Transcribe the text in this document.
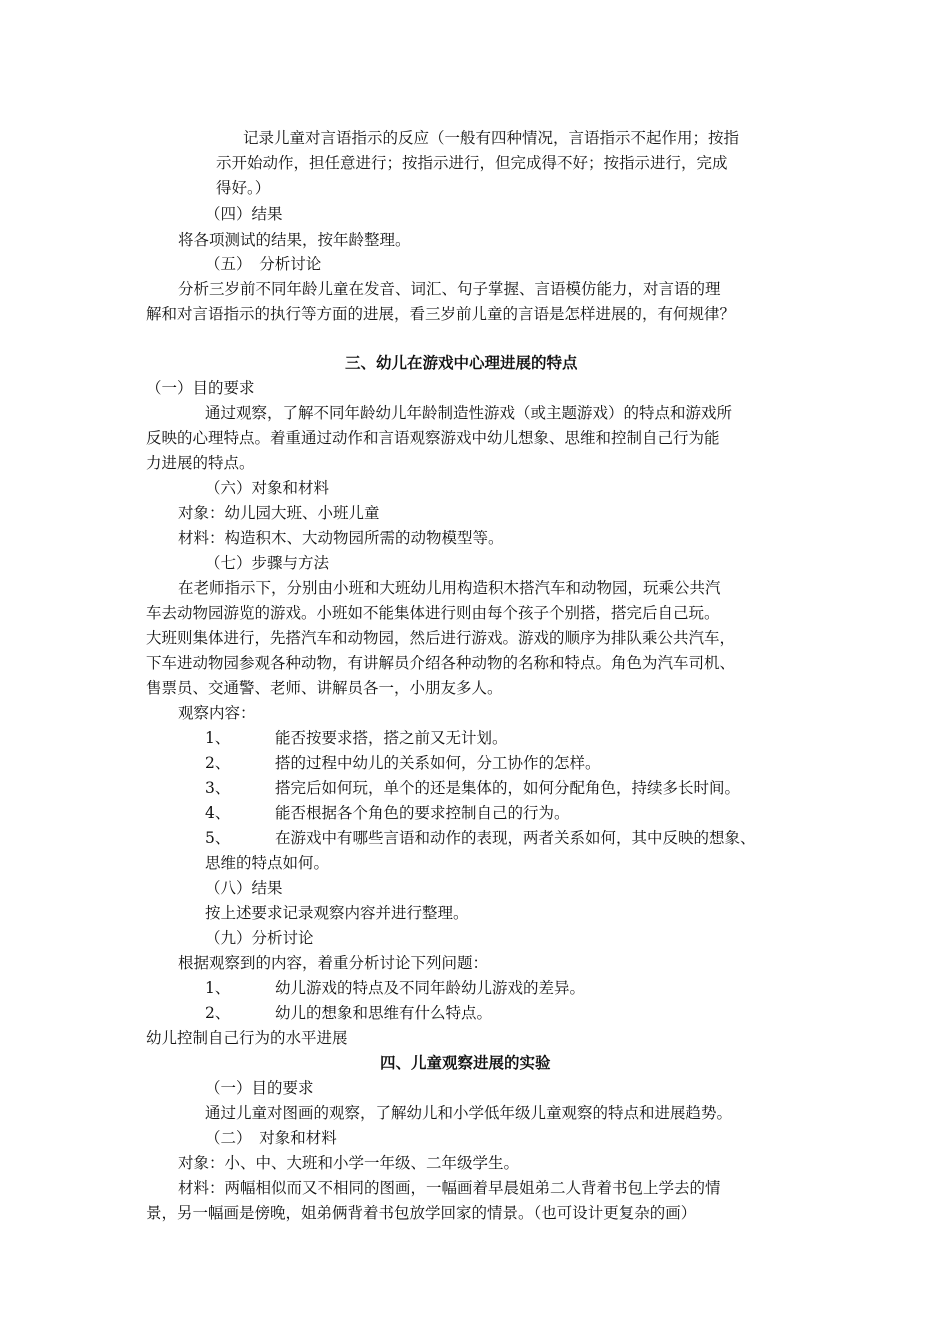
记录儿童对言语指示的反应（一般有四种情况，言语指示不起作用；按指
示开始动作，担任意进行；按指示进行，但完成得不好；按指示进行，完成
得好。）
（四）结果
将各项测试的结果，按年龄整理。
（五）　分析讨论
分析三岁前不同年龄儿童在发音、词汇、句子掌握、言语模仿能力，对言语的理
解和对言语指示的执行等方面的进展，看三岁前儿童的言语是怎样进展的，有何规律？
三、幼儿在游戏中心理进展的特点
（一）目的要求
通过观察，了解不同年龄幼儿年龄制造性游戏（或主题游戏）的特点和游戏所
反映的心理特点。着重通过动作和言语观察游戏中幼儿想象、思维和控制自己行为能
力进展的特点。
（六）对象和材料
对象：幼儿园大班、小班儿童
材料：构造积木、大动物园所需的动物模型等。
（七）步骤与方法
在老师指示下，分别由小班和大班幼儿用构造积木搭汽车和动物园，玩乘公共汽
车去动物园游览的游戏。小班如不能集体进行则由每个孩子个别搭，搭完后自己玩。
大班则集体进行，先搭汽车和动物园，然后进行游戏。游戏的顺序为排队乘公共汽车，
下车进动物园参观各种动物，有讲解员介绍各种动物的名称和特点。角色为汽车司机、
售票员、交通警、老师、讲解员各一，小朋友多人。
观察内容：
1、	能否按要求搭，搭之前又无计划。
2、	搭的过程中幼儿的关系如何，分工协作的怎样。
3、	搭完后如何玩，单个的还是集体的，如何分配角色，持续多长时间。
4、	能否根据各个角色的要求控制自己的行为。
5、	在游戏中有哪些言语和动作的表现，两者关系如何，其中反映的想象、
思维的特点如何。
（八）结果
按上述要求记录观察内容并进行整理。
（九）分析讨论
根据观察到的内容，着重分析讨论下列问题：
1、	幼儿游戏的特点及不同年龄幼儿游戏的差异。
2、	幼儿的想象和思维有什么特点。
幼儿控制自己行为的水平进展
四、儿童观察进展的实验
（一）目的要求
通过儿童对图画的观察，了解幼儿和小学低年级儿童观察的特点和进展趋势。
（二）　对象和材料
对象：小、中、大班和小学一年级、二年级学生。
材料：两幅相似而又不相同的图画，一幅画着早晨姐弟二人背着书包上学去的情
景，另一幅画是傍晚，姐弟俩背着书包放学回家的情景。（也可设计更复杂的画）
